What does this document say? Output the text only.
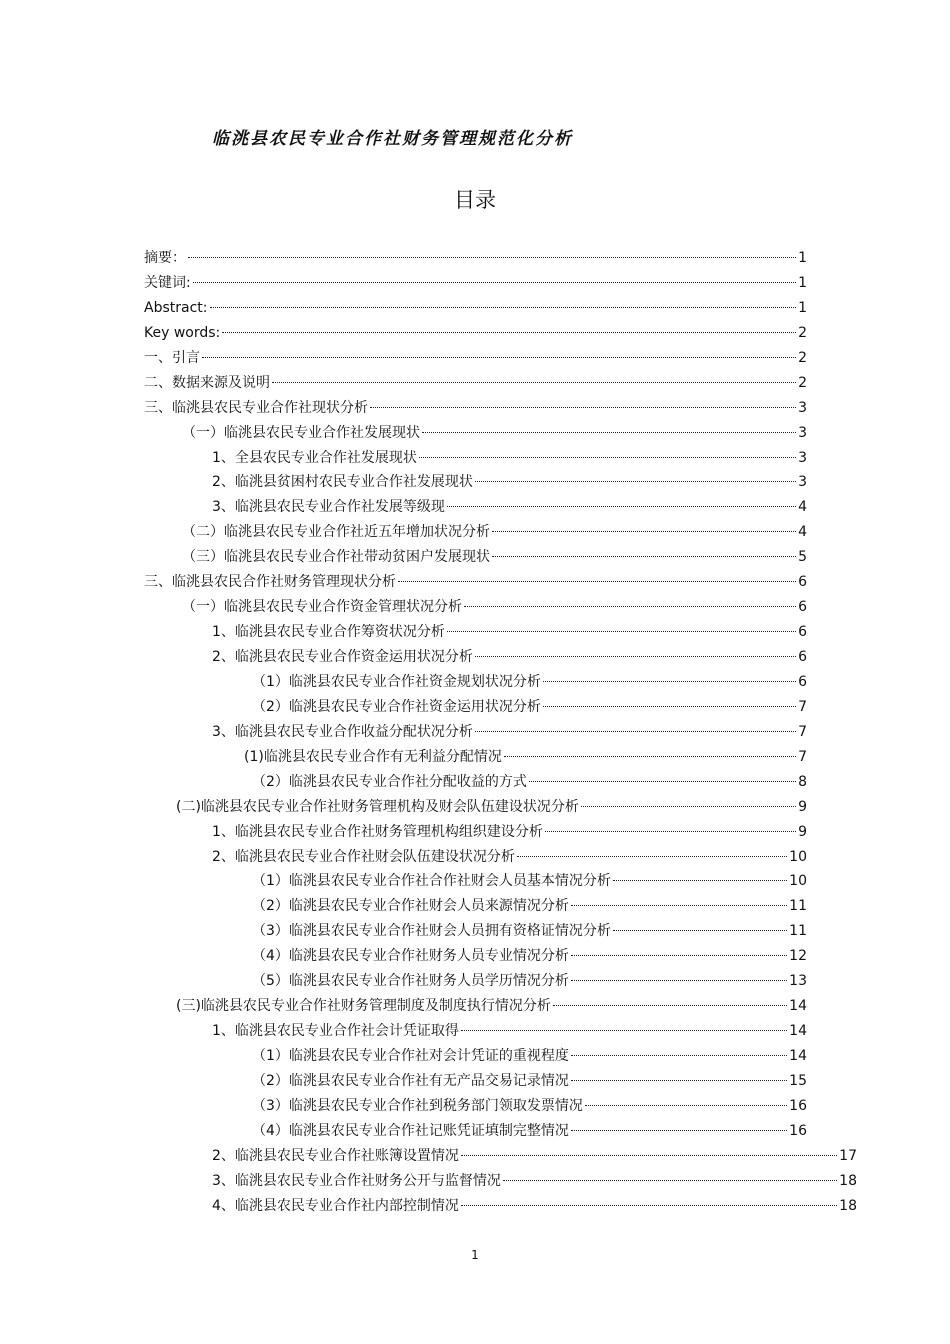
临洮县农民专业合作社财务管理规范化分析
目录
摘要：	1
关键词:	1
Abstract:	1
Key words:	2
一、引言	2
二、数据来源及说明	2
三、临洮县农民专业合作社现状分析	3
（一）临洮县农民专业合作社发展现状	3
1、全县农民专业合作社发展现状	3
2、临洮县贫困村农民专业合作社发展现状	3
3、临洮县农民专业合作社发展等级现	4
（二）临洮县农民专业合作社近五年增加状况分析	4
（三）临洮县农民专业合作社带动贫困户发展现状	5
三、临洮县农民合作社财务管理现状分析	6
（一）临洮县农民专业合作资金管理状况分析	6
1、临洮县农民专业合作筹资状况分析	6
2、临洮县农民专业合作资金运用状况分析	6
（1）临洮县农民专业合作社资金规划状况分析	6
（2）临洮县农民专业合作社资金运用状况分析	7
3、临洮县农民专业合作收益分配状况分析	7
(1)临洮县农民专业合作有无利益分配情况	7
（2）临洮县农民专业合作社分配收益的方式	8
(二)临洮县农民专业合作社财务管理机构及财会队伍建设状况分析	9
1、临洮县农民专业合作社财务管理机构组织建设分析	9
2、临洮县农民专业合作社财会队伍建设状况分析	10
（1）临洮县农民专业合作社合作社财会人员基本情况分析	10
（2）临洮县农民专业合作社财会人员来源情况分析	11
（3）临洮县农民专业合作社财会人员拥有资格证情况分析	11
（4）临洮县农民专业合作社财务人员专业情况分析	12
（5）临洮县农民专业合作社财务人员学历情况分析	13
(三)临洮县农民专业合作社财务管理制度及制度执行情况分析	14
1、临洮县农民专业合作社会计凭证取得	14
（1）临洮县农民专业合作社对会计凭证的重视程度	14
（2）临洮县农民专业合作社有无产品交易记录情况	15
（3）临洮县农民专业合作社到税务部门领取发票情况	16
（4）临洮县农民专业合作社记账凭证填制完整情况	16
2、临洮县农民专业合作社账簿设置情况	17
3、临洮县农民专业合作社财务公开与监督情况	18
4、临洮县农民专业合作社内部控制情况	18
1
